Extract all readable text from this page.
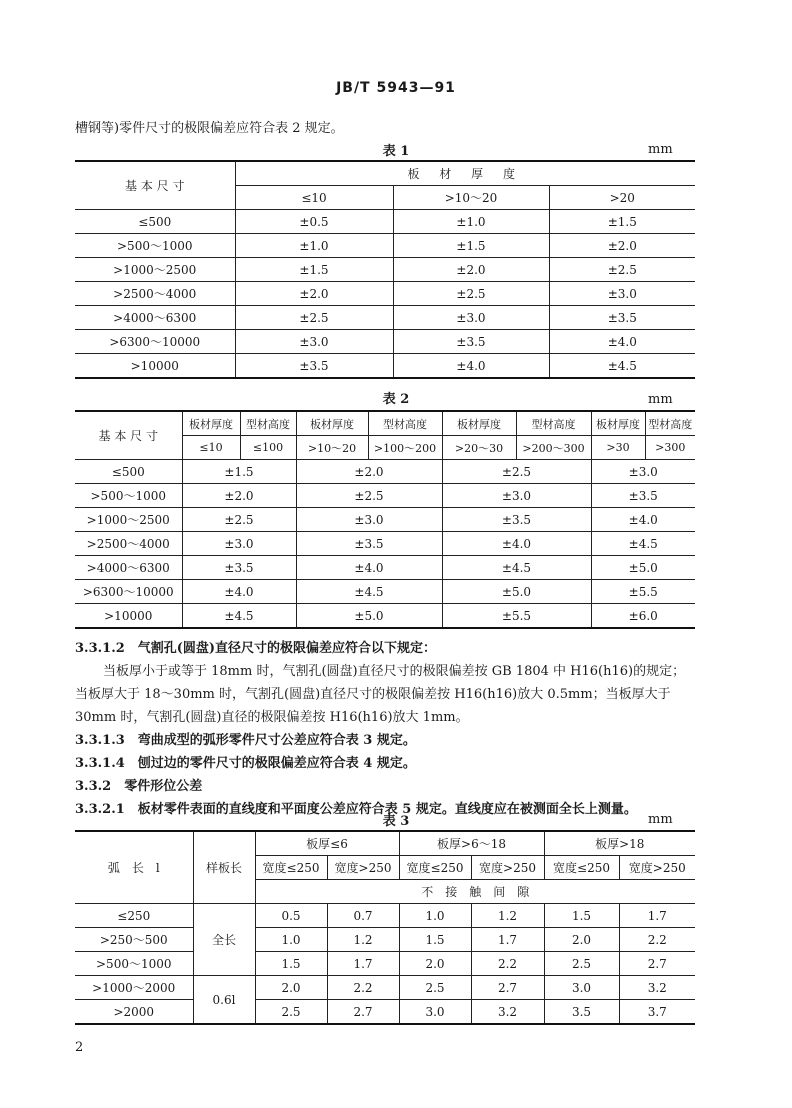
JB/T 5943—91
槽钢等)零件尺寸的极限偏差应符合表 2 规定。
表 1	mm
基 本 尺 寸	板 材 厚 度		
	≤10	>10～20	>20
≤500	±0.5	±1.0	±1.5
>500～1000	±1.0	±1.5	±2.0
>1000～2500	±1.5	±2.0	±2.5
>2500～4000	±2.0	±2.5	±3.0
>4000～6300	±2.5	±3.0	±3.5
>6300～10000	±3.0	±3.5	±4.0
>10000	±3.5	±4.0	±4.5
表 2	mm
基 本 尺 寸	板材厚度	型材高度	板材厚度	型材高度	板材厚度	型材高度	板材厚度	型材高度
	≤10	≤100	>10～20	>100～200	>20～30	>200～300	>30	>300
≤500	±1.5		±2.0		±2.5		±3.0	
>500～1000	±2.0		±2.5		±3.0		±3.5	
>1000～2500	±2.5		±3.0		±3.5		±4.0	
>2500～4000	±3.0		±3.5		±4.0		±4.5	
>4000～6300	±3.5		±4.0		±4.5		±5.0	
>6300～10000	±4.0		±4.5		±5.0		±5.5	
>10000	±4.5		±5.0		±5.5		±6.0	
3.3.1.2　气割孔(圆盘)直径尺寸的极限偏差应符合以下规定：
当板厚小于或等于 18mm 时，气割孔(圆盘)直径尺寸的极限偏差按 GB 1804 中 H16(h16)的规定；
当板厚大于 18～30mm 时，气割孔(圆盘)直径尺寸的极限偏差按 H16(h16)放大 0.5mm；当板厚大于
30mm 时，气割孔(圆盘)直径的极限偏差按 H16(h16)放大 1mm。
3.3.1.3　弯曲成型的弧形零件尺寸公差应符合表 3 规定。
3.3.1.4　刨过边的零件尺寸的极限偏差应符合表 4 规定。
3.3.2　零件形位公差
3.3.2.1　板材零件表面的直线度和平面度公差应符合表 5 规定。直线度应在被测面全长上测量。
表 3	mm
弧　长　l	样板长	板厚≤6		板厚>6～18		板厚>18	
		宽度≤250	宽度>250	宽度≤250	宽度>250	宽度≤250	宽度>250
		不　接　触　间　隙					
≤250	全长	0.5	0.7	1.0	1.2	1.5	1.7
>250～500		1.0	1.2	1.5	1.7	2.0	2.2
>500～1000		1.5	1.7	2.0	2.2	2.5	2.7
>1000～2000	0.6l	2.0	2.2	2.5	2.7	3.0	3.2
>2000		2.5	2.7	3.0	3.2	3.5	3.7
2
